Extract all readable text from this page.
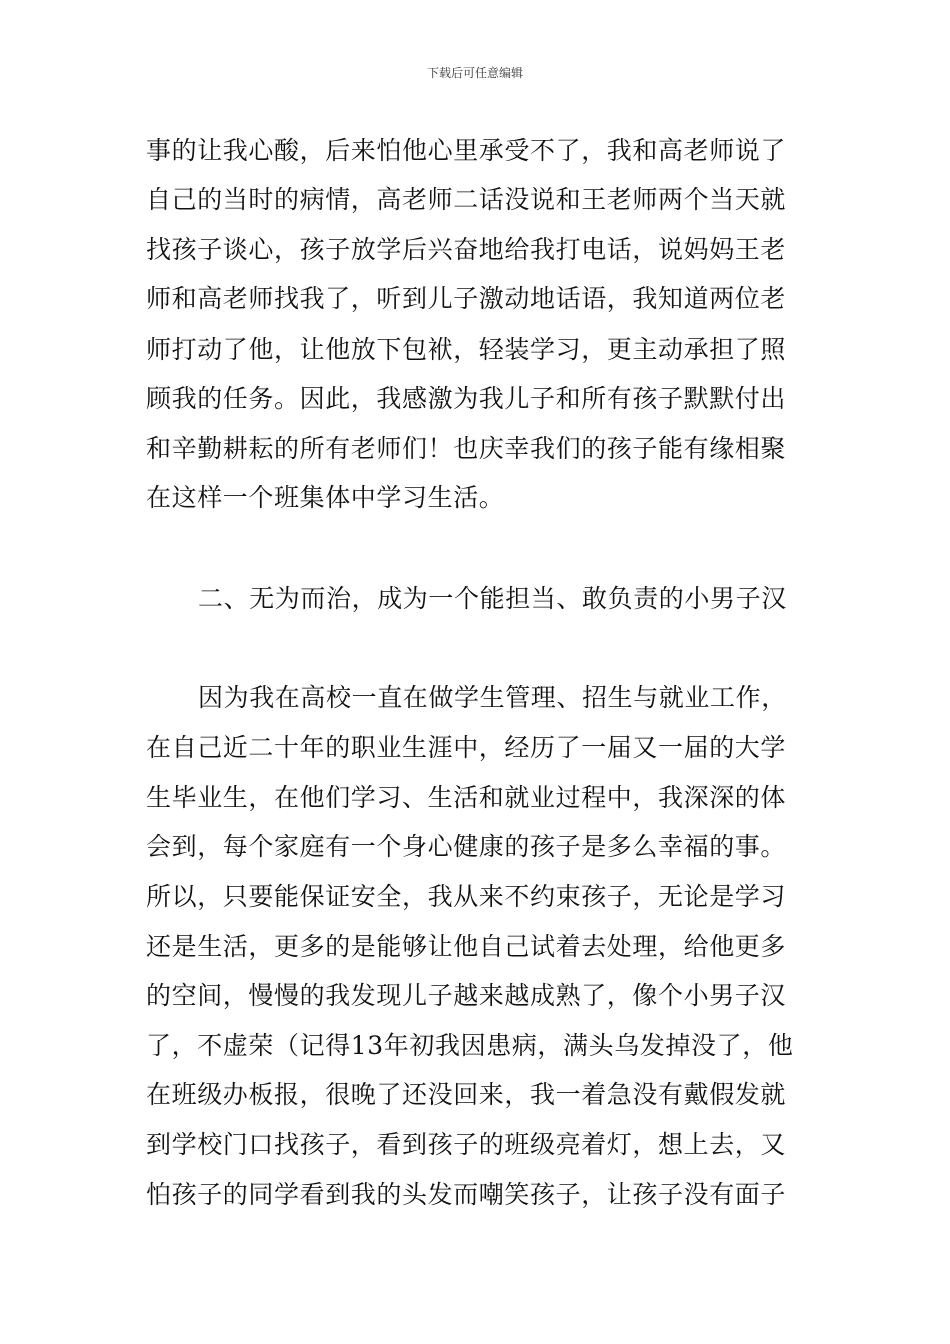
下载后可任意编辑
事的让我心酸，后来怕他心里承受不了，我和高老师说了
自己的当时的病情，高老师二话没说和王老师两个当天就
找孩子谈心，孩子放学后兴奋地给我打电话，说妈妈王老
师和高老师找我了，听到儿子激动地话语，我知道两位老
师打动了他，让他放下包袱，轻装学习，更主动承担了照
顾我的任务。因此，我感激为我儿子和所有孩子默默付出
和辛勤耕耘的所有老师们！也庆幸我们的孩子能有缘相聚
在这样一个班集体中学习生活。
二、无为而治，成为一个能担当、敢负责的小男子汉
因为我在高校一直在做学生管理、招生与就业工作，
在自己近二十年的职业生涯中，经历了一届又一届的大学
生毕业生，在他们学习、生活和就业过程中，我深深的体
会到，每个家庭有一个身心健康的孩子是多么幸福的事。
所以，只要能保证安全，我从来不约束孩子，无论是学习
还是生活，更多的是能够让他自己试着去处理，给他更多
的空间，慢慢的我发现儿子越来越成熟了，像个小男子汉
了，不虚荣（记得13年初我因患病，满头乌发掉没了，他
在班级办板报，很晚了还没回来，我一着急没有戴假发就
到学校门口找孩子，看到孩子的班级亮着灯，想上去，又
怕孩子的同学看到我的头发而嘲笑孩子，让孩子没有面子
